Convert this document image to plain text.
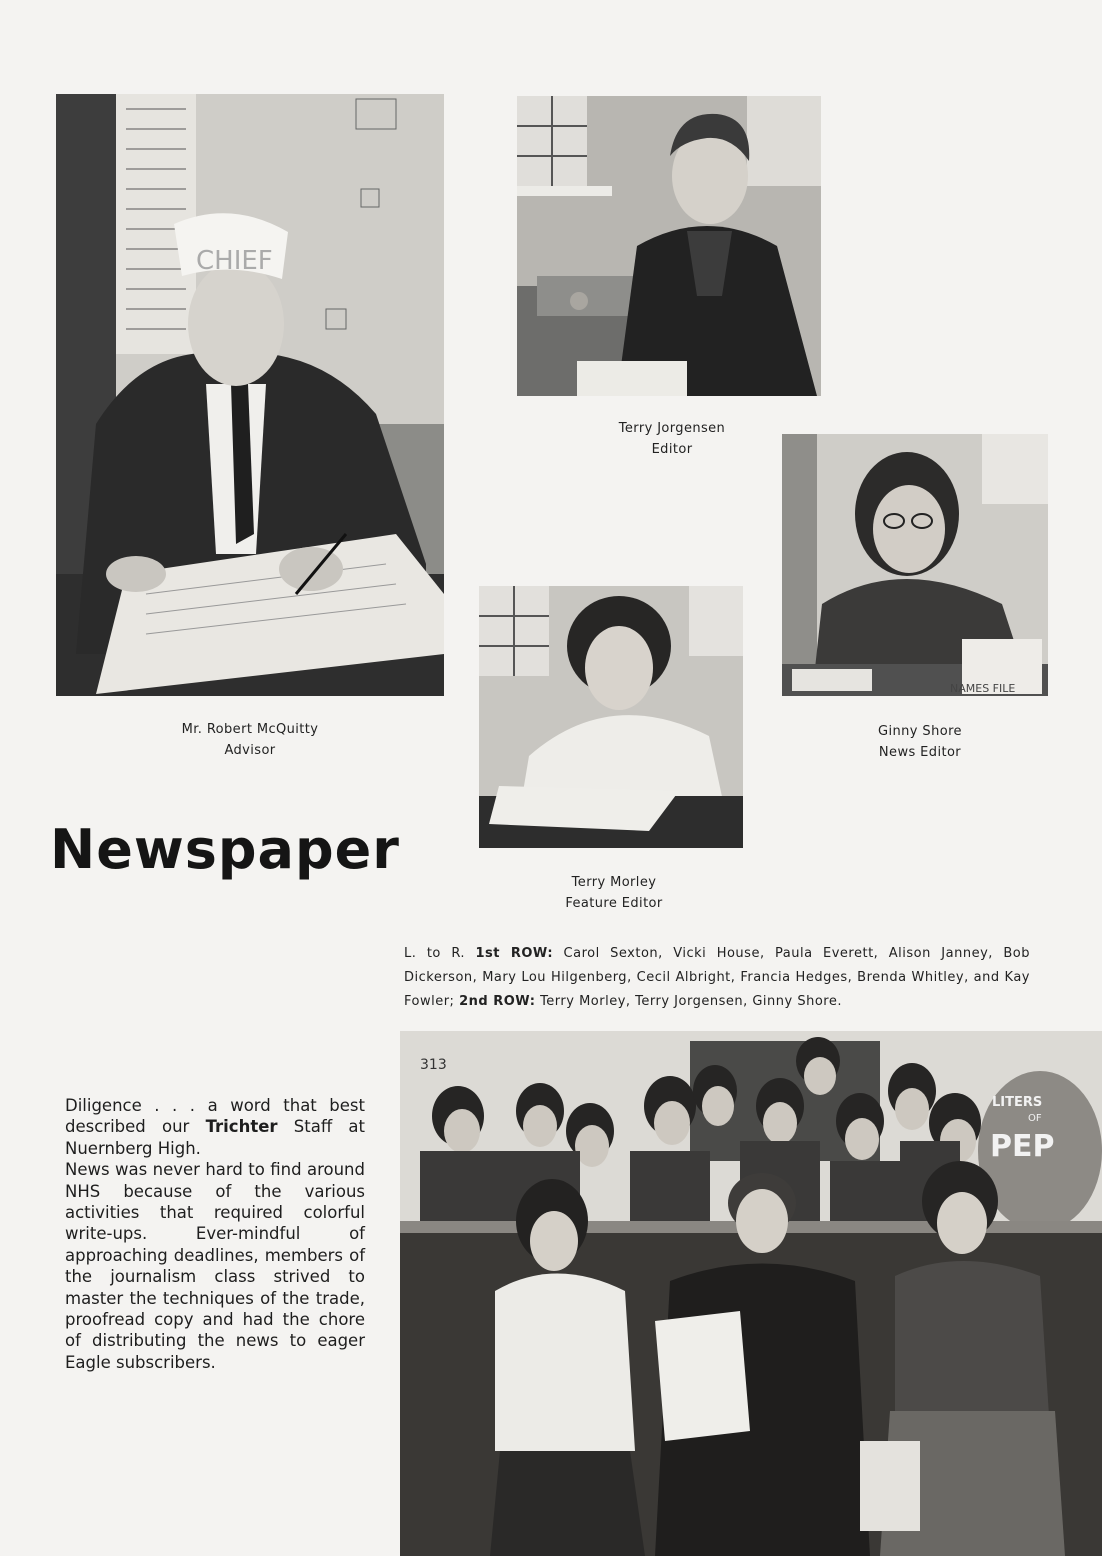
CHIEF
Mr. Robert McQuitty
Advisor
Terry Jorgensen
Editor
NAMES FILE
Ginny Shore
News Editor
Terry Morley
Feature Editor
Newspaper
L. to R. 1st ROW: Carol Sexton, Vicki House, Paula Everett, Alison Janney, Bob Dickerson, Mary Lou Hilgenberg, Cecil Albright, Francia Hedges, Brenda Whitley, and Kay Fowler; 2nd ROW: Terry Morley, Terry Jorgensen, Ginny Shore.
313
LITERS
OF
PEP

Diligence . . . a word that best described our Trichter Staff at Nuernberg High.

News was never hard to find around NHS because of the various activities that required colorful write-ups. Ever-mindful of approaching deadlines, members of the journalism class strived to master the techniques of the trade, proofread copy and had the chore of distributing the news to eager Eagle subscribers.
